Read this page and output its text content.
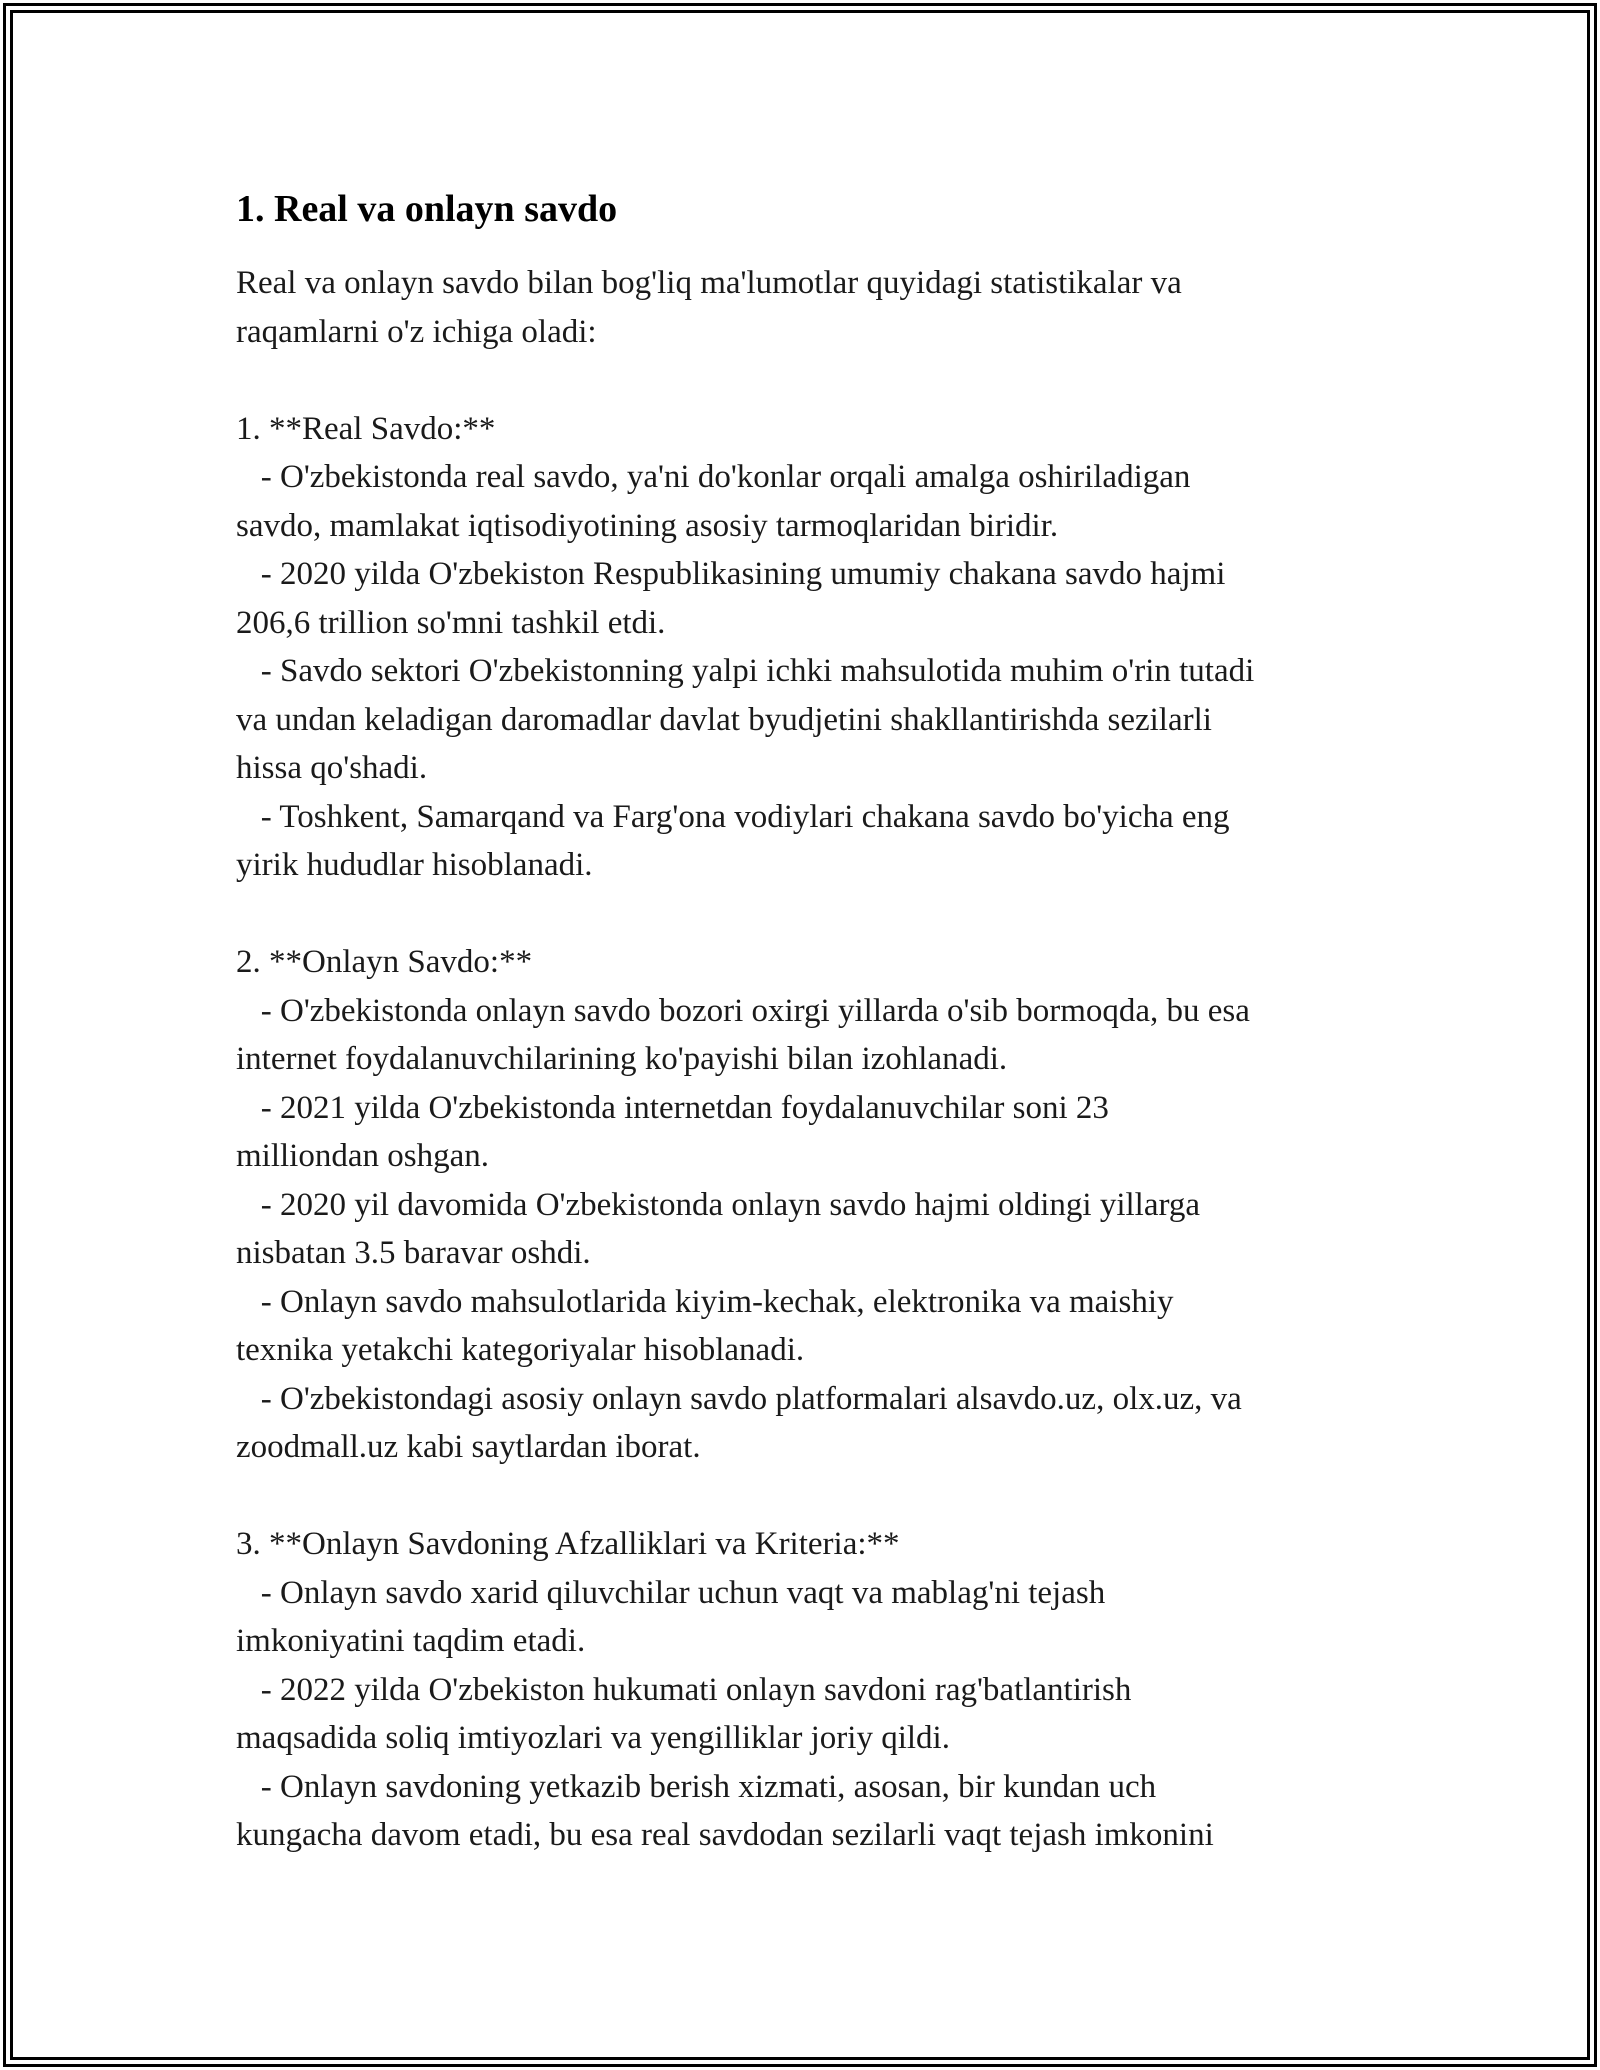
1. Real va onlayn savdo

Real va onlayn savdo bilan bog'liq ma'lumotlar quyidagi statistikalar va
raqamlarni o'z ichiga oladi:

1. **Real Savdo:**
- O'zbekistonda real savdo, ya'ni do'konlar orqali amalga oshiriladigan
savdo, mamlakat iqtisodiyotining asosiy tarmoqlaridan biridir.
- 2020 yilda O'zbekiston Respublikasining umumiy chakana savdo hajmi
206,6 trillion so'mni tashkil etdi.
- Savdo sektori O'zbekistonning yalpi ichki mahsulotida muhim o'rin tutadi
va undan keladigan daromadlar davlat byudjetini shakllantirishda sezilarli
hissa qo'shadi.
- Toshkent, Samarqand va Farg'ona vodiylari chakana savdo bo'yicha eng
yirik hududlar hisoblanadi.

2. **Onlayn Savdo:**
- O'zbekistonda onlayn savdo bozori oxirgi yillarda o'sib bormoqda, bu esa
internet foydalanuvchilarining ko'payishi bilan izohlanadi.
- 2021 yilda O'zbekistonda internetdan foydalanuvchilar soni 23
milliondan oshgan.
- 2020 yil davomida O'zbekistonda onlayn savdo hajmi oldingi yillarga
nisbatan 3.5 baravar oshdi.
- Onlayn savdo mahsulotlarida kiyim-kechak, elektronika va maishiy
texnika yetakchi kategoriyalar hisoblanadi.
- O'zbekistondagi asosiy onlayn savdo platformalari alsavdo.uz, olx.uz, va
zoodmall.uz kabi saytlardan iborat.

3. **Onlayn Savdoning Afzalliklari va Kriteria:**
- Onlayn savdo xarid qiluvchilar uchun vaqt va mablag'ni tejash
imkoniyatini taqdim etadi.
- 2022 yilda O'zbekiston hukumati onlayn savdoni rag'batlantirish
maqsadida soliq imtiyozlari va yengilliklar joriy qildi.
- Onlayn savdoning yetkazib berish xizmati, asosan, bir kundan uch
kungacha davom etadi, bu esa real savdodan sezilarli vaqt tejash imkonini
